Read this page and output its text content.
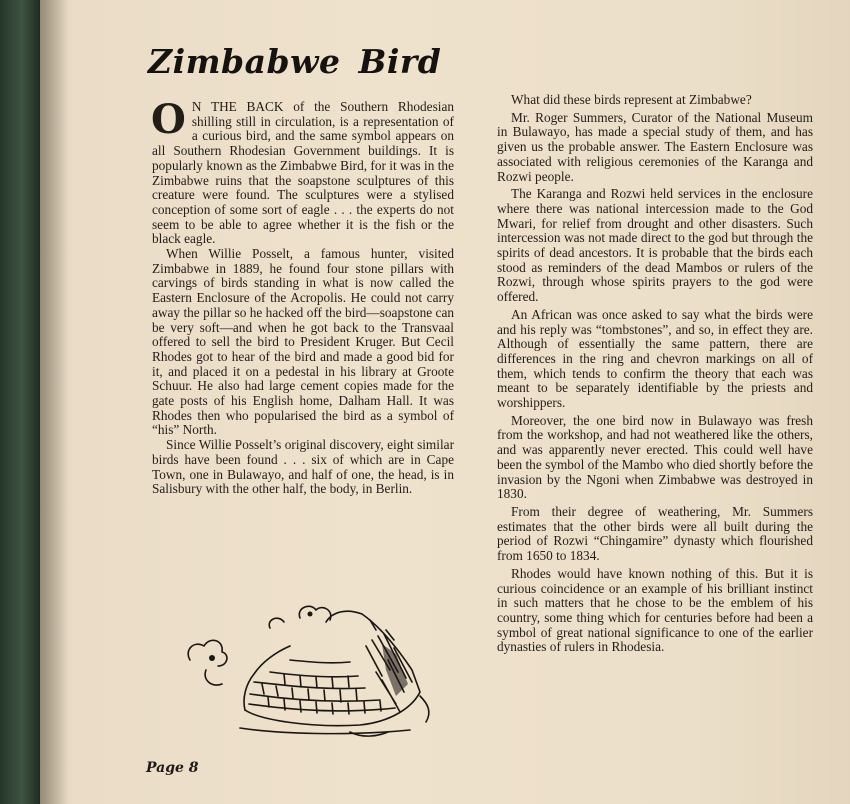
Zimbabwe Bird

O N THE BACK of the Southern Rhodesian shilling still in circulation, is a representation of a curious bird, and the same symbol appears on all Southern Rhodesian Government buildings. It is popularly known as the Zimbabwe Bird, for it was in the Zimbabwe ruins that the soapstone sculptures of this creature were found. The sculptures were a stylised conception of some sort of eagle . . . the experts do not seem to be able to agree whether it is the fish or the black eagle.

When Willie Posselt, a famous hunter, visited Zimbabwe in 1889, he found four stone pillars with carvings of birds standing in what is now called the Eastern Enclosure of the Acropolis. He could not carry away the pillar so he hacked off the bird—soapstone can be very soft—and when he got back to the Transvaal offered to sell the bird to President Kruger. But Cecil Rhodes got to hear of the bird and made a good bid for it, and placed it on a pedestal in his library at Groote Schuur. He also had large cement copies made for the gate posts of his English home, Dalham Hall. It was Rhodes then who popularised the bird as a symbol of “his” North.

Since Willie Posselt’s original discovery, eight similar birds have been found . . . six of which are in Cape Town, one in Bulawayo, and half of one, the head, is in Salisbury with the other half, the body, in Berlin.

Page 8

What did these birds represent at Zimbabwe?

Mr. Roger Summers, Curator of the National Museum in Bulawayo, has made a special study of them, and has given us the probable answer. The Eastern Enclosure was associated with religious ceremonies of the Karanga and Rozwi people.

The Karanga and Rozwi held services in the enclosure where there was national intercession made to the God Mwari, for relief from drought and other disasters. Such intercession was not made direct to the god but through the spirits of dead ancestors. It is probable that the birds each stood as reminders of the dead Mambos or rulers of the Rozwi, through whose spirits prayers to the god were offered.

An African was once asked to say what the birds were and his reply was “tombstones”, and so, in effect they are. Although of essentially the same pattern, there are differences in the ring and chevron markings on all of them, which tends to confirm the theory that each was meant to be separately identifiable by the priests and worshippers.

Moreover, the one bird now in Bulawayo was fresh from the workshop, and had not weathered like the others, and was apparently never erected. This could well have been the symbol of the Mambo who died shortly before the invasion by the Ngoni when Zimbabwe was destroyed in 1830.

From their degree of weathering, Mr. Summers estimates that the other birds were all built during the period of Rozwi “Chingamire” dynasty which flourished from 1650 to 1834.

Rhodes would have known nothing of this. But it is curious coincidence or an example of his brilliant instinct in such matters that he chose to be the emblem of his country, some thing which for centuries before had been a symbol of great national significance to one of the earlier dynasties of rulers in Rhodesia.
